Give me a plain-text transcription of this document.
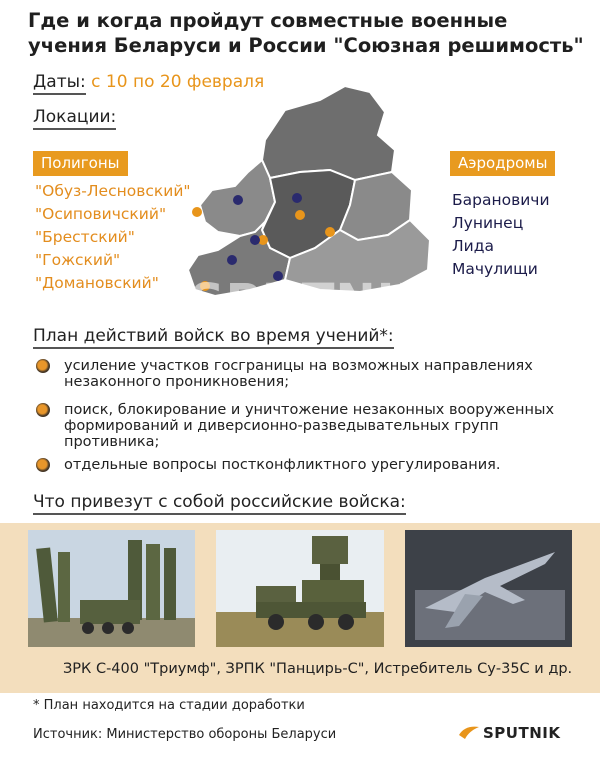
Где и когда пройдут совместные военные учения Беларуси и России "Союзная решимость"
Даты: с 10 по 20 февраля
Локации:
SPUTNIK
Полигоны
"Обуз-Лесновский"
"Осиповичский"
"Брестский"
"Гожский"
"Домановский"
Аэродромы
Барановичи
Лунинец
Лида
Мачулищи
План действий войск во время учений*:
усиление участков госграницы на возможных направлениях незаконного проникновения;
поиск, блокирование и уничтожение незаконных вооруженных формирований и диверсионно-разведывательных групп противника;
отдельные вопросы постконфликтного урегулирования.
Что привезут с собой российские войска:
ЗРК С-400 "Триумф", ЗРПК "Панцирь-С", Истребитель Су-35С и др.
* План находится на стадии доработки
Источник: Министерство обороны Беларуси	SPUTNIK
